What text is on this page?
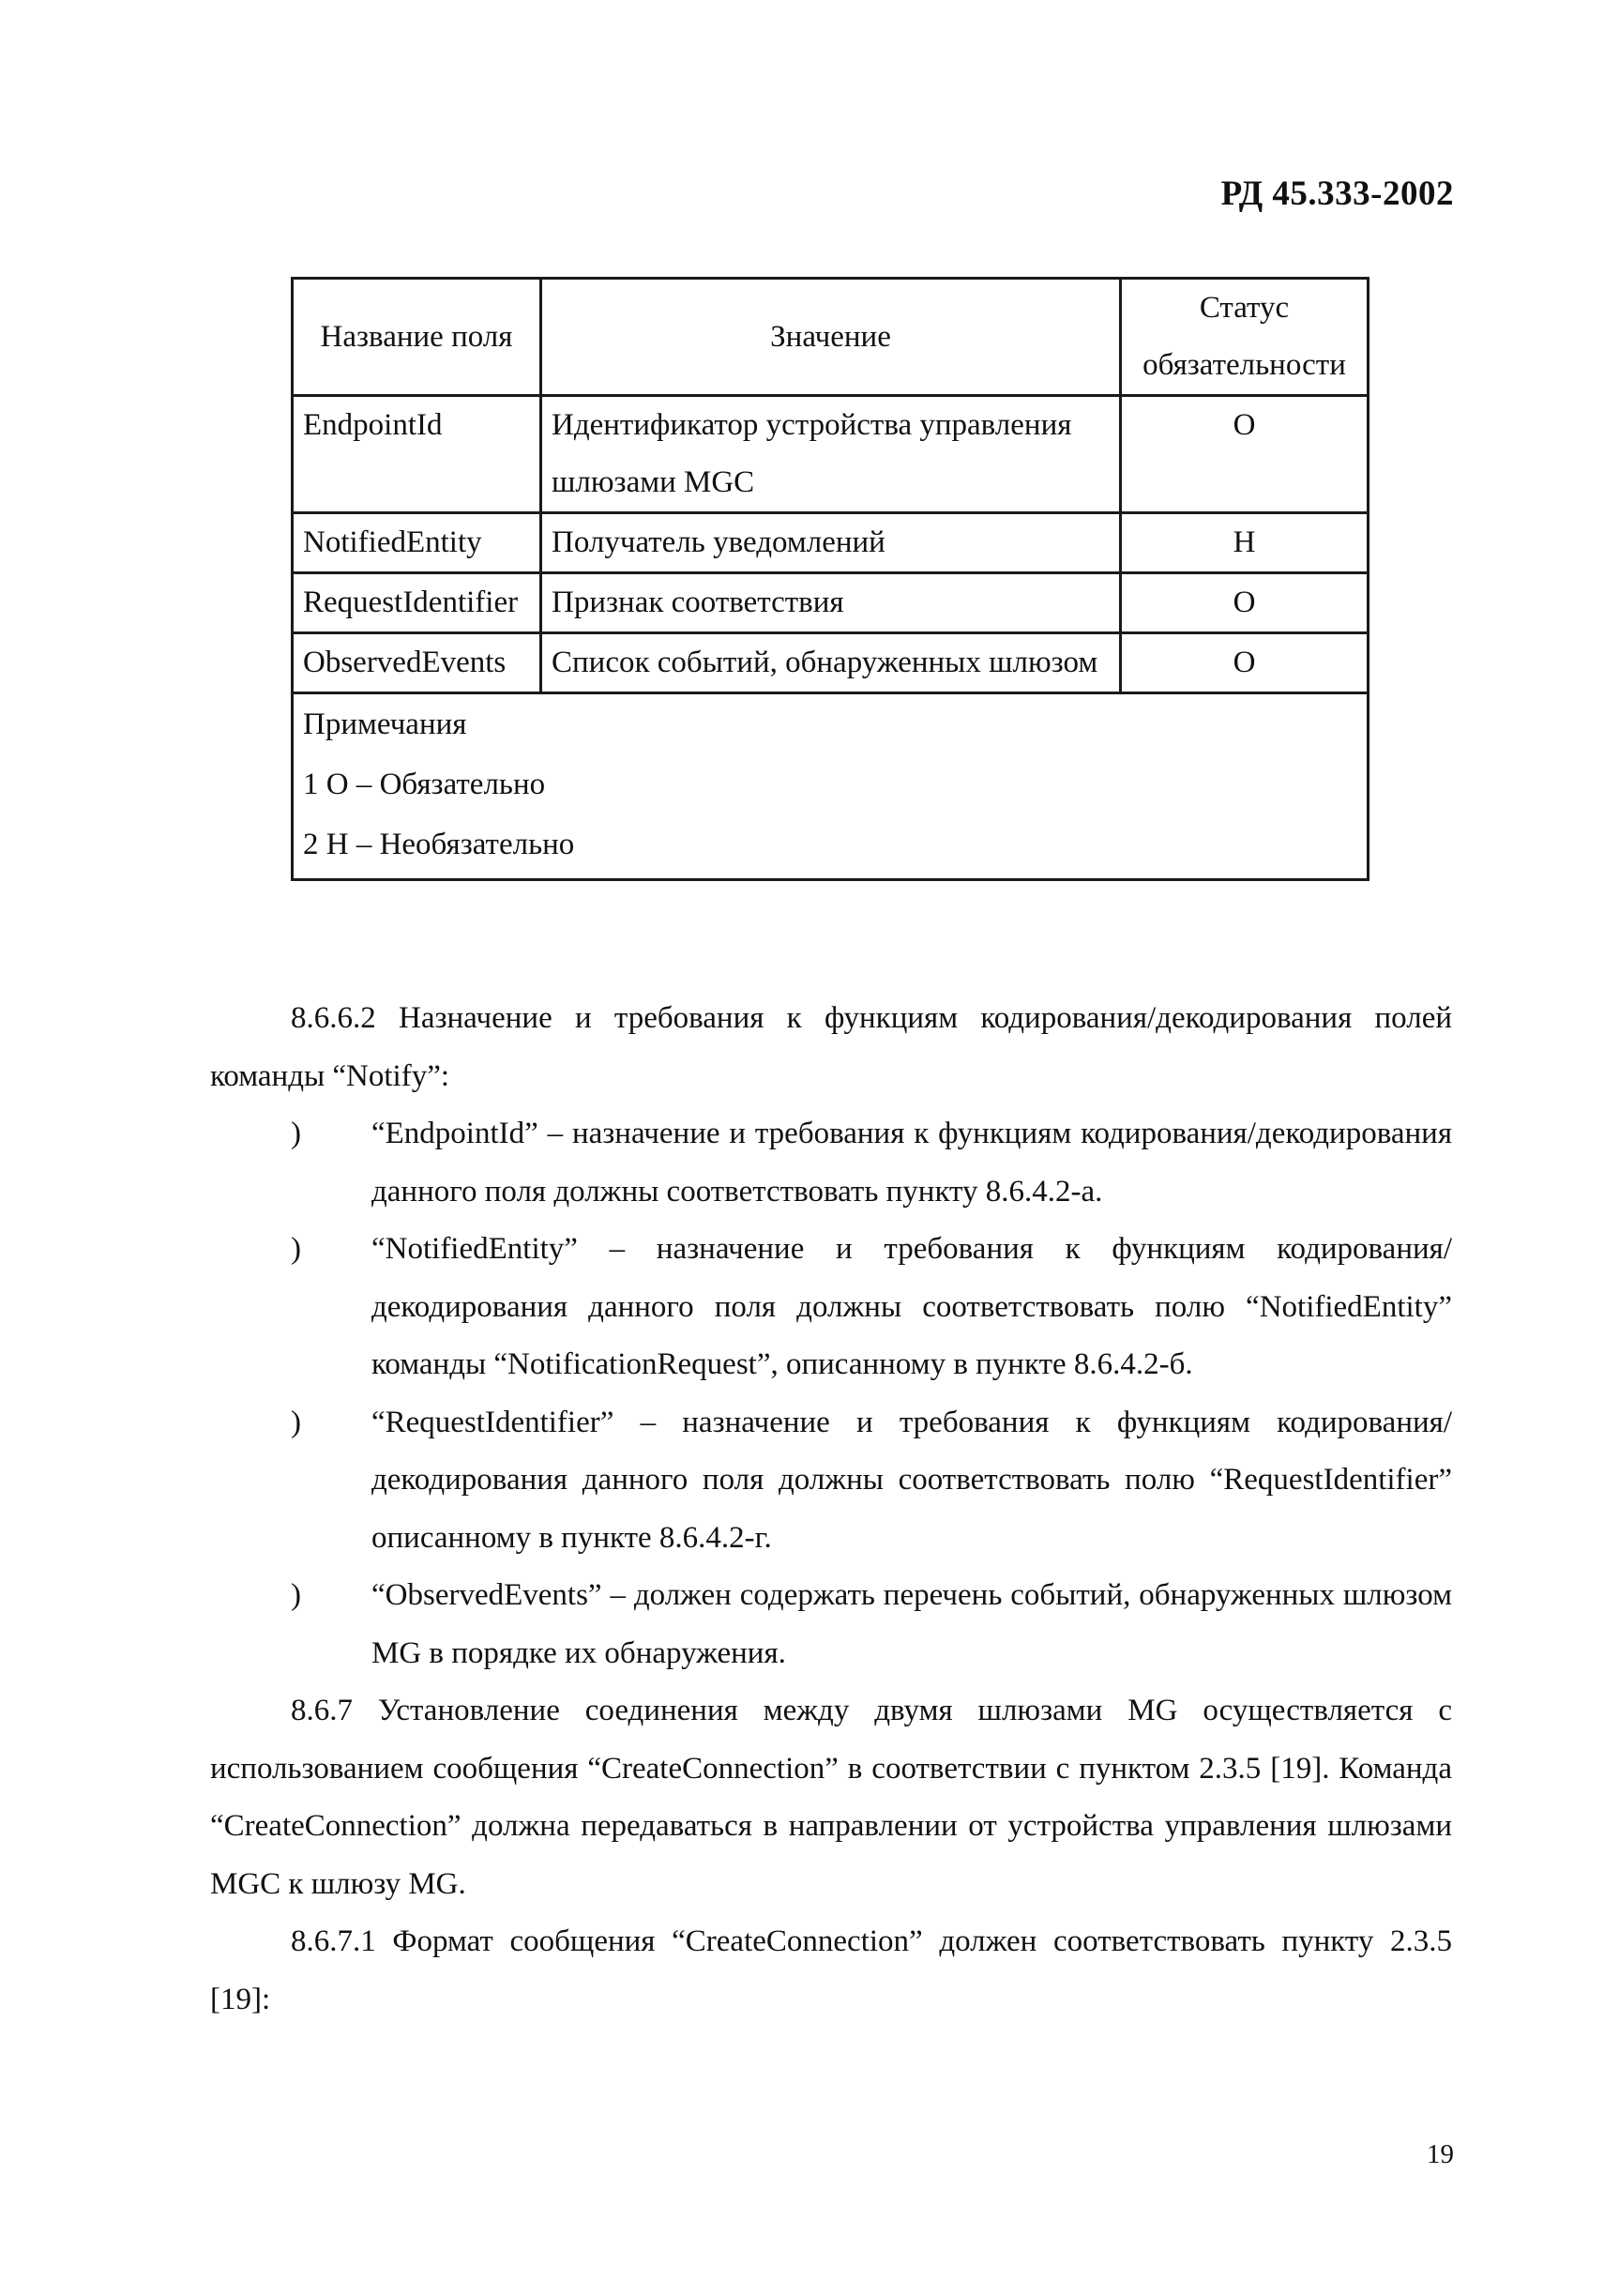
РД 45.333-2002
Название поля	Значение	Статус обязательности
EndpointId	Идентификатор устройства управления шлюзами MGC	О
NotifiedEntity	Получатель уведомлений	Н
RequestIdentifier	Признак соответствия	О
ObservedEvents	Список событий, обнаруженных шлюзом	О

Примечания
1 О – Обязательно
2 Н – Необязательно		

8.6.6.2 Назначение и требования к функциям кодирования/декодирования полей команды “Notify”:

) “EndpointId” – назначение и требования к функциям кодирования/декодирования данного поля должны соответствовать пункту 8.6.4.2-а.
) “NotifiedEntity” – назначение и требования к функциям кодирования/декодирования данного поля должны соответствовать полю “NotifiedEntity” команды “NotificationRequest”, описанному в пункте 8.6.4.2-б.
) “RequestIdentifier” – назначение и требования к функциям кодирования/декодирования данного поля должны соответствовать полю “RequestIdentifier” описанному в пункте 8.6.4.2-г.
) “ObservedEvents” – должен содержать перечень событий, обнаруженных шлюзом MG в порядке их обнаружения.

8.6.7 Установление соединения между двумя шлюзами MG осуществляется с использованием сообщения “CreateConnection” в соответствии с пунктом 2.3.5 [19]. Команда “CreateConnection” должна передаваться в направлении от устройства управления шлюзами MGC к шлюзу MG.

8.6.7.1 Формат сообщения “CreateConnection” должен соответствовать пункту 2.3.5 [19]:

19
